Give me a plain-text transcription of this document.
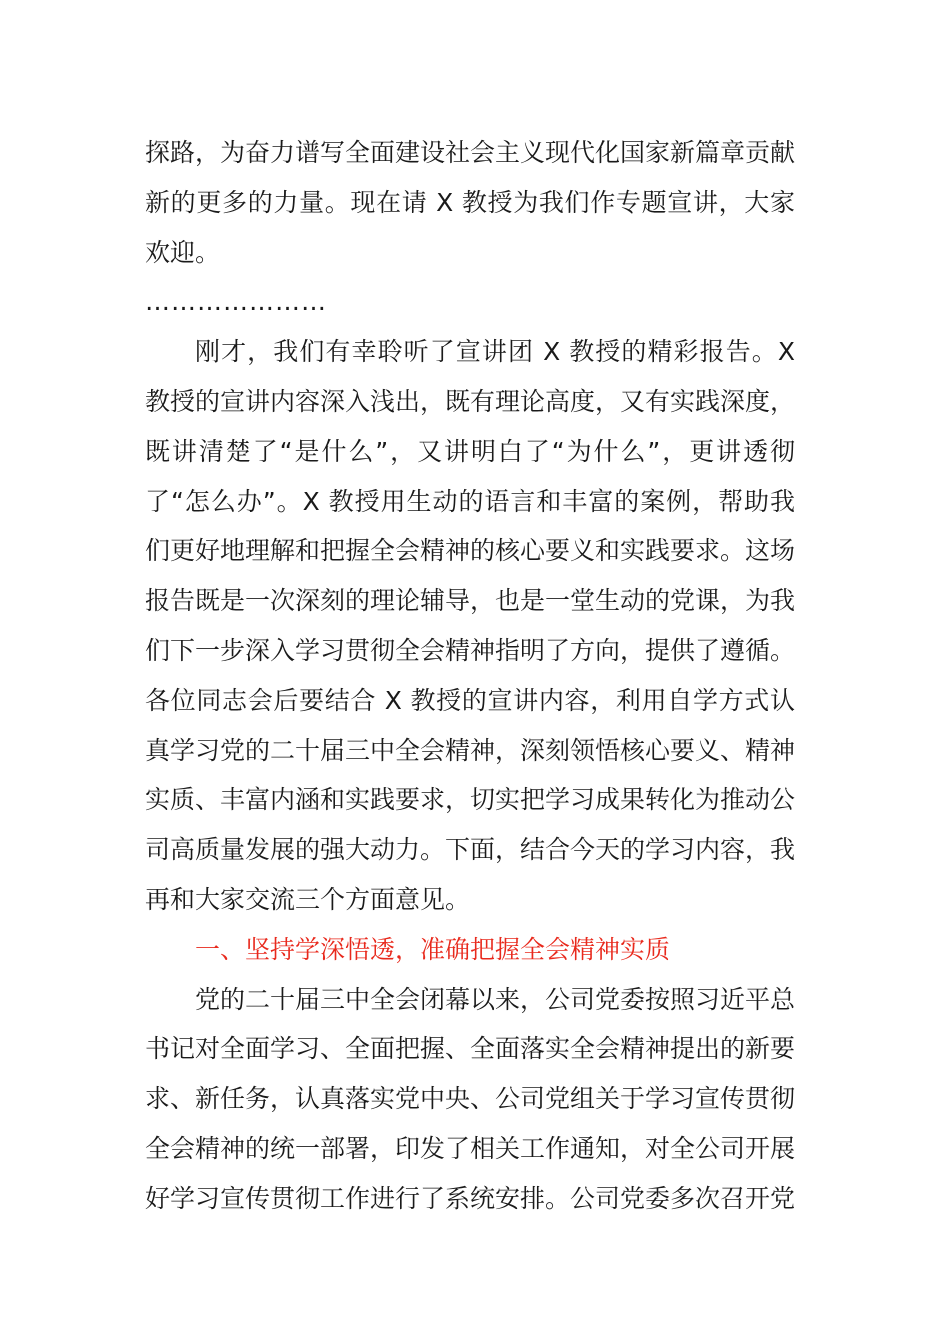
探路，为奋力谱写全面建设社会主义现代化国家新篇章贡献新的更多的力量。现在请 X 教授为我们作专题宣讲，大家欢迎。

…………………

刚才，我们有幸聆听了宣讲团 X 教授的精彩报告。X 教授的宣讲内容深入浅出，既有理论高度，又有实践深度，既讲清楚了“是什么”，又讲明白了“为什么”，更讲透彻了“怎么办”。X 教授用生动的语言和丰富的案例，帮助我们更好地理解和把握全会精神的核心要义和实践要求。这场报告既是一次深刻的理论辅导，也是一堂生动的党课，为我们下一步深入学习贯彻全会精神指明了方向，提供了遵循。各位同志会后要结合 X 教授的宣讲内容，利用自学方式认真学习党的二十届三中全会精神，深刻领悟核心要义、精神实质、丰富内涵和实践要求，切实把学习成果转化为推动公司高质量发展的强大动力。下面，结合今天的学习内容，我再和大家交流三个方面意见。

一、坚持学深悟透，准确把握全会精神实质

党的二十届三中全会闭幕以来，公司党委按照习近平总书记对全面学习、全面把握、全面落实全会精神提出的新要求、新任务，认真落实党中央、公司党组关于学习宣传贯彻全会精神的统一部署，印发了相关工作通知，对全公司开展好学习宣传贯彻工作进行了系统安排。公司党委多次召开党
